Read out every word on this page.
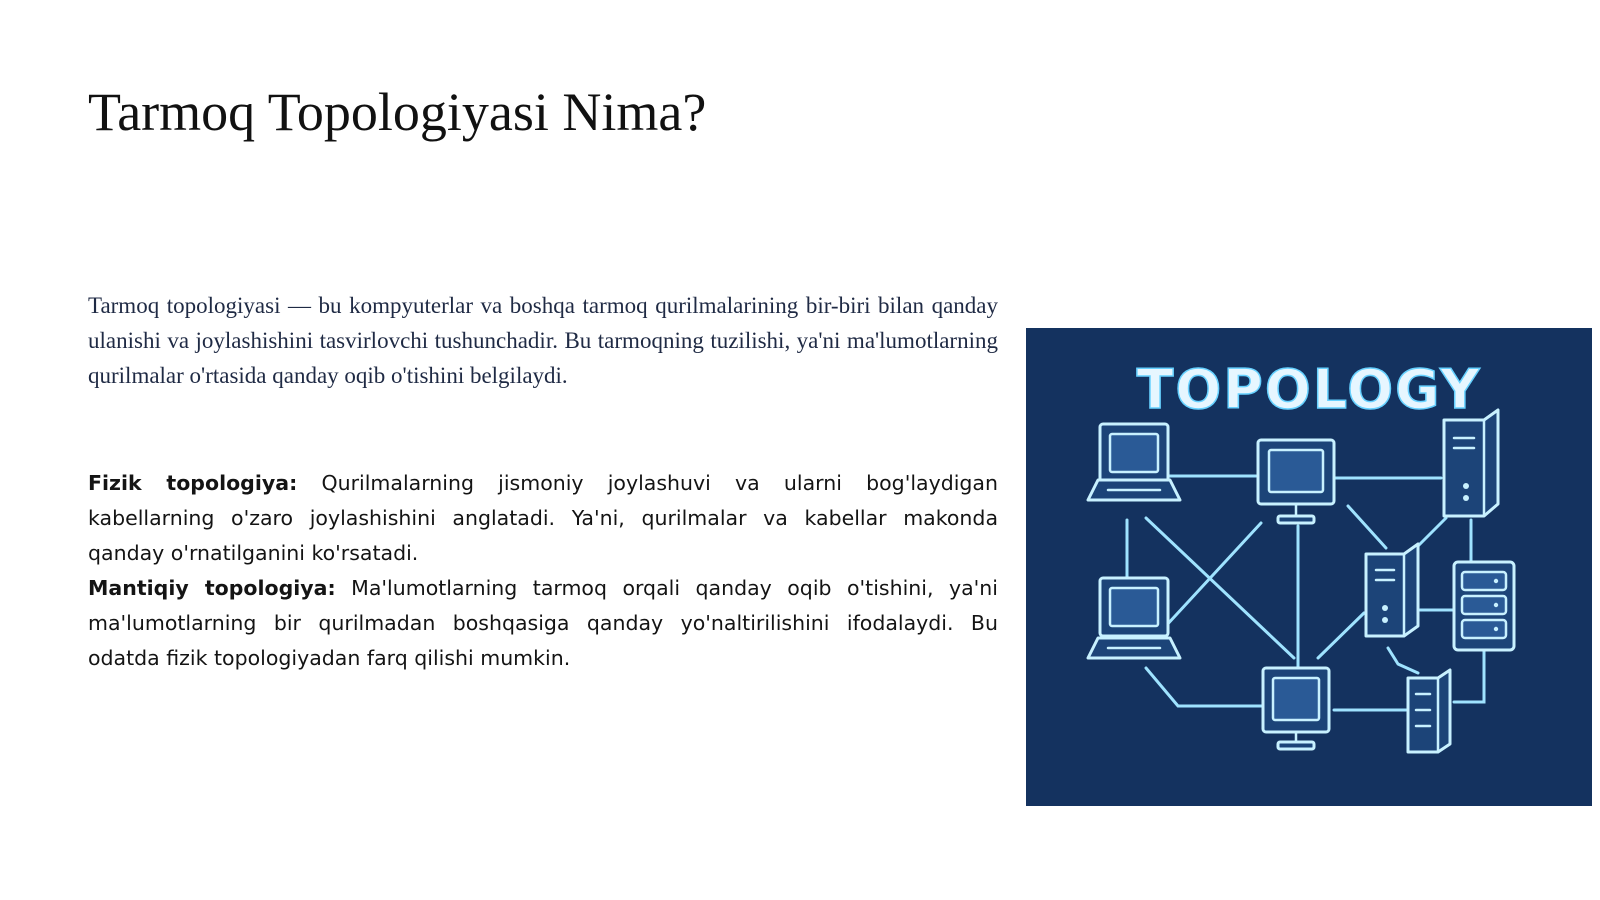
Tarmoq Topologiyasi Nima?

Tarmoq topologiyasi — bu kompyuterlar va boshqa tarmoq qurilmalarining bir-biri bilan qanday ulanishi va joylashishini tasvirlovchi tushunchadir. Bu tarmoqning tuzilishi, ya'ni ma'lumotlarning qurilmalar o'rtasida qanday oqib o'tishini belgilaydi.

Fizik topologiya: Qurilmalarning jismoniy joylashuvi va ularni bog'laydigan kabellarning o'zaro joylashishini anglatadi. Ya'ni, qurilmalar va kabellar makonda qanday o'rnatilganini ko'rsatadi.

Mantiqiy topologiya: Ma'lumotlarning tarmoq orqali qanday oqib o'tishini, ya'ni ma'lumotlarning bir qurilmadan boshqasiga qanday yo'naltirilishini ifodalaydi. Bu odatda fizik topologiyadan farq qilishi mumkin.

TOPOLOGY
